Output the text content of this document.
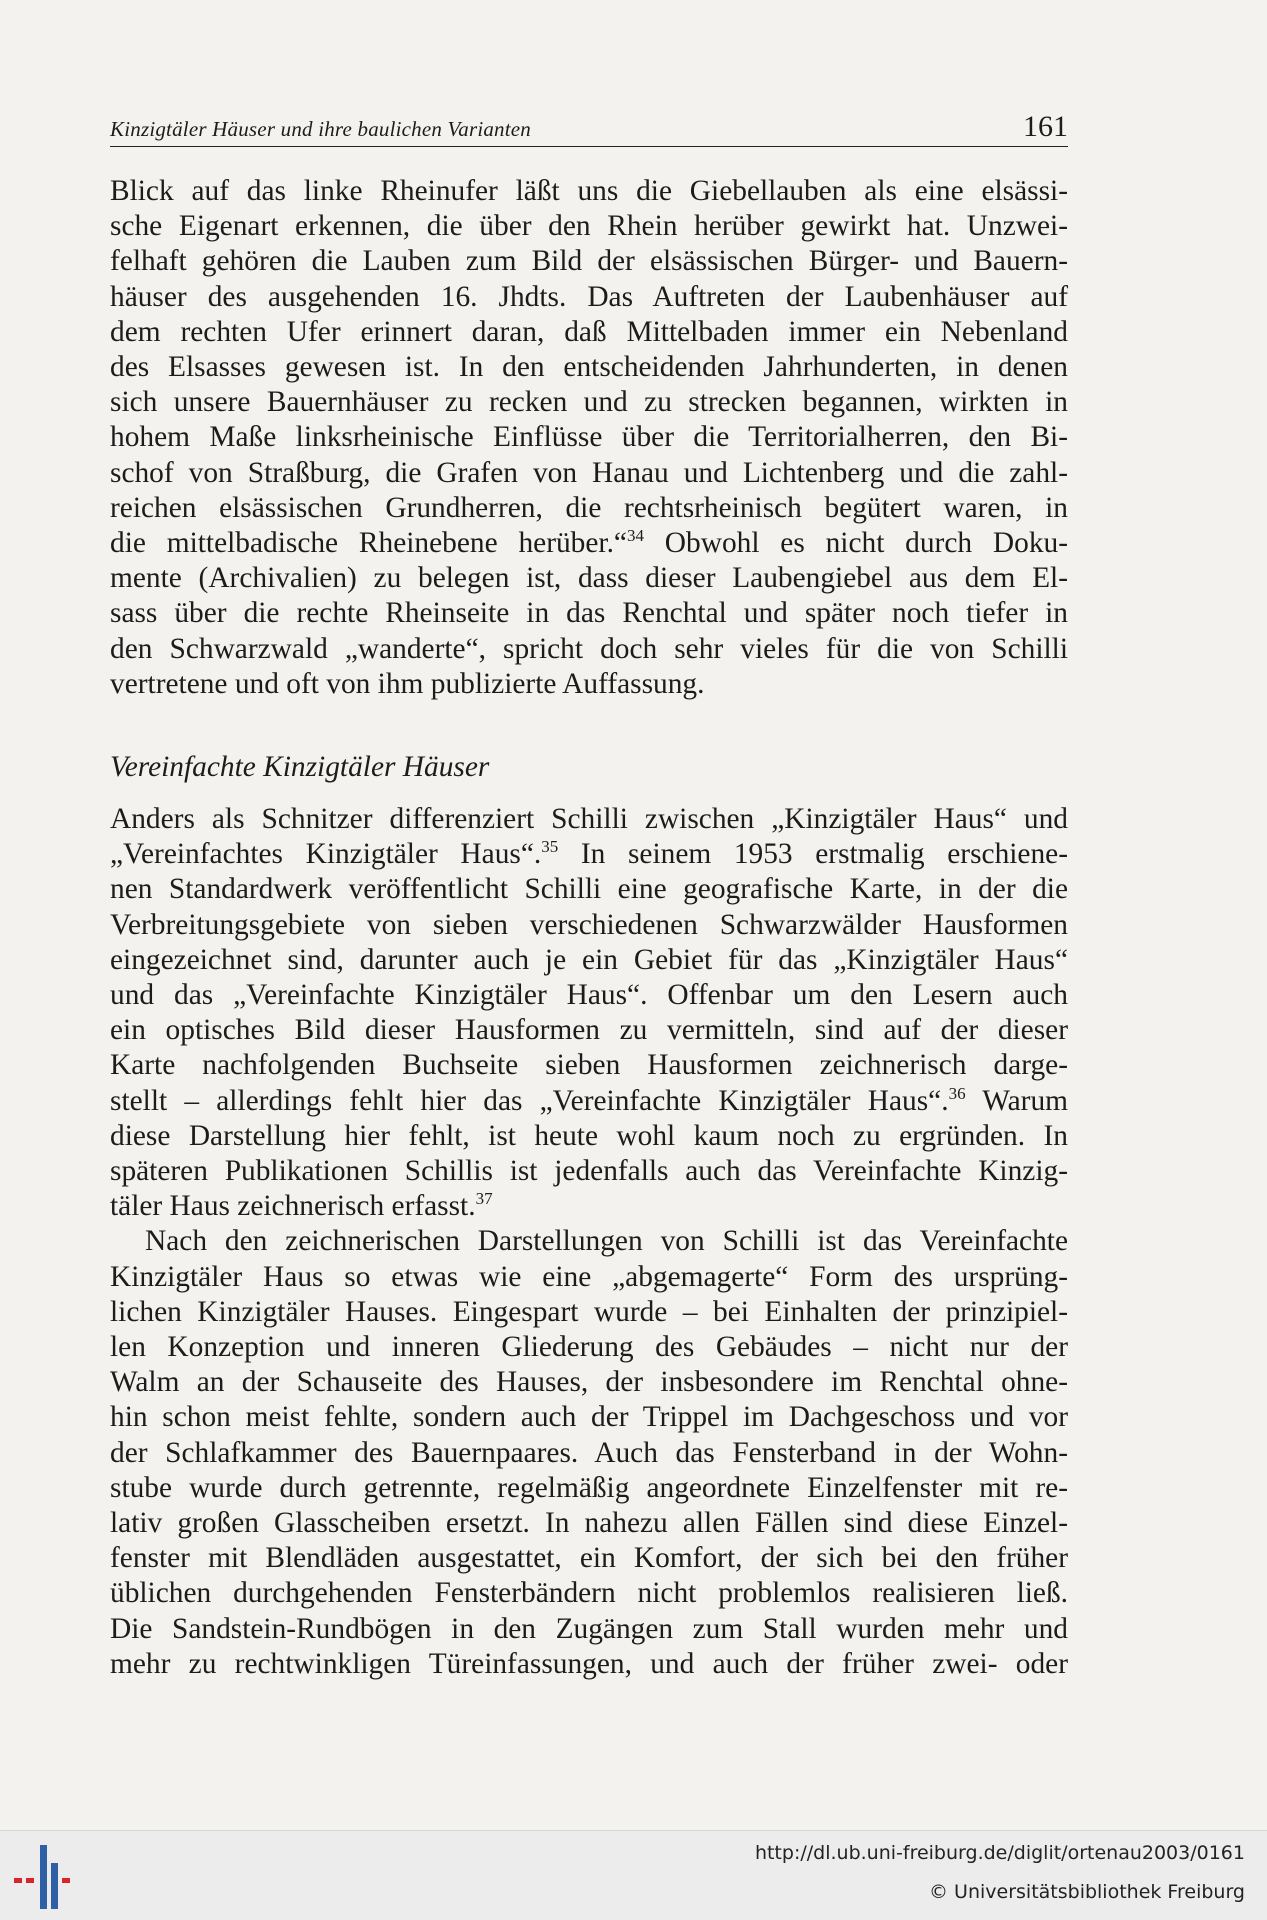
Kinzigtäler Häuser und ihre baulichen Varianten	161

Blick auf das linke Rheinufer läßt uns die Giebellauben als eine elsässi-

sche Eigenart erkennen, die über den Rhein herüber gewirkt hat. Unzwei-

felhaft gehören die Lauben zum Bild der elsässischen Bürger- und Bauern-

häuser des ausgehenden 16. Jhdts. Das Auftreten der Laubenhäuser auf

dem rechten Ufer erinnert daran, daß Mittelbaden immer ein Nebenland

des Elsasses gewesen ist. In den entscheidenden Jahrhunderten, in denen

sich unsere Bauernhäuser zu recken und zu strecken begannen, wirkten in

hohem Maße linksrheinische Einflüsse über die Territorialherren, den Bi-

schof von Straßburg, die Grafen von Hanau und Lichtenberg und die zahl-

reichen elsässischen Grundherren, die rechtsrheinisch begütert waren, in

die mittelbadische Rheinebene herüber.“$^{34}$ Obwohl es nicht durch Doku-

mente (Archivalien) zu belegen ist, dass dieser Laubengiebel aus dem El-

sass über die rechte Rheinseite in das Renchtal und später noch tiefer in

den Schwarzwald „wanderte“, spricht doch sehr vieles für die von Schilli

vertretene und oft von ihm publizierte Auffassung.

Vereinfachte Kinzigtäler Häuser

Anders als Schnitzer differenziert Schilli zwischen „Kinzigtäler Haus“ und

„Vereinfachtes Kinzigtäler Haus“.$^{35}$ In seinem 1953 erstmalig erschiene-

nen Standardwerk veröffentlicht Schilli eine geografische Karte, in der die

Verbreitungsgebiete von sieben verschiedenen Schwarzwälder Hausformen

eingezeichnet sind, darunter auch je ein Gebiet für das „Kinzigtäler Haus“

und das „Vereinfachte Kinzigtäler Haus“. Offenbar um den Lesern auch

ein optisches Bild dieser Hausformen zu vermitteln, sind auf der dieser

Karte nachfolgenden Buchseite sieben Hausformen zeichnerisch darge-

stellt – allerdings fehlt hier das „Vereinfachte Kinzigtäler Haus“.$^{36}$ Warum

diese Darstellung hier fehlt, ist heute wohl kaum noch zu ergründen. In

späteren Publikationen Schillis ist jedenfalls auch das Vereinfachte Kinzig-

täler Haus zeichnerisch erfasst.$^{37}$

Nach den zeichnerischen Darstellungen von Schilli ist das Vereinfachte

Kinzigtäler Haus so etwas wie eine „abgemagerte“ Form des ursprüng-

lichen Kinzigtäler Hauses. Eingespart wurde – bei Einhalten der prinzipiel-

len Konzeption und inneren Gliederung des Gebäudes – nicht nur der

Walm an der Schauseite des Hauses, der insbesondere im Renchtal ohne-

hin schon meist fehlte, sondern auch der Trippel im Dachgeschoss und vor

der Schlafkammer des Bauernpaares. Auch das Fensterband in der Wohn-

stube wurde durch getrennte, regelmäßig angeordnete Einzelfenster mit re-

lativ großen Glasscheiben ersetzt. In nahezu allen Fällen sind diese Einzel-

fenster mit Blendläden ausgestattet, ein Komfort, der sich bei den früher

üblichen durchgehenden Fensterbändern nicht problemlos realisieren ließ.

Die Sandstein-Rundbögen in den Zugängen zum Stall wurden mehr und

mehr zu rechtwinkligen Türeinfassungen, und auch der früher zwei- oder

http://dl.ub.uni-freiburg.de/diglit/ortenau2003/0161
© Universitätsbibliothek Freiburg
